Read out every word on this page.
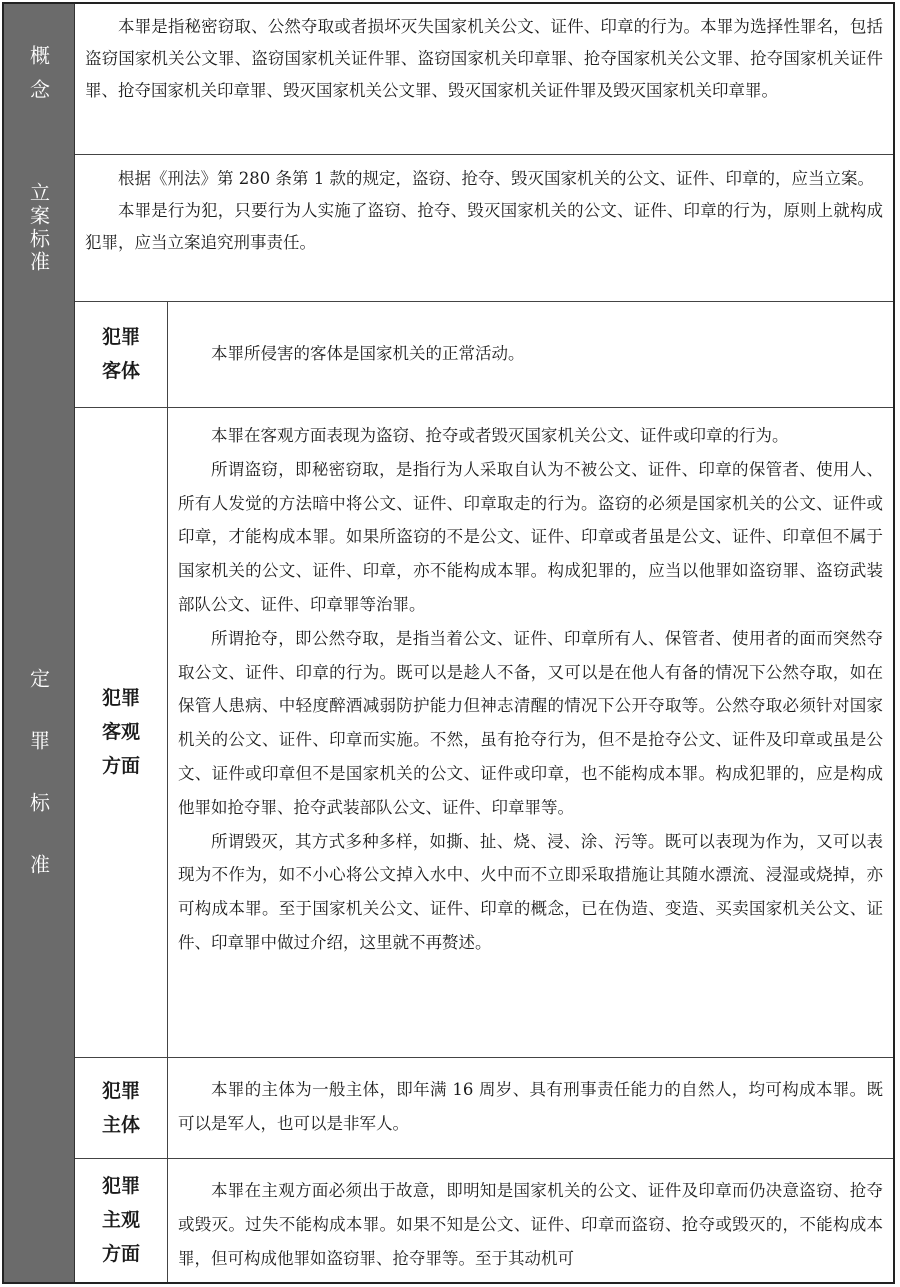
概念

本罪是指秘密窃取、公然夺取或者损坏灭失国家机关公文、证件、印章的行为。本罪为选择性罪名，包括盗窃国家机关公文罪、盗窃国家机关证件罪、盗窃国家机关印章罪、抢夺国家机关公文罪、抢夺国家机关证件罪、抢夺国家机关印章罪、毁灭国家机关公文罪、毁灭国家机关证件罪及毁灭国家机关印章罪。

立案标准

根据《刑法》第 280 条第 1 款的规定，盗窃、抢夺、毁灭国家机关的公文、证件、印章的，应当立案。

本罪是行为犯，只要行为人实施了盗窃、抢夺、毁灭国家机关的公文、证件、印章的行为，原则上就构成犯罪，应当立案追究刑事责任。

定罪标准
犯罪客体

本罪所侵害的客体是国家机关的正常活动。

犯罪客观方面

本罪在客观方面表现为盗窃、抢夺或者毁灭国家机关公文、证件或印章的行为。

所谓盗窃，即秘密窃取，是指行为人采取自认为不被公文、证件、印章的保管者、使用人、所有人发觉的方法暗中将公文、证件、印章取走的行为。盗窃的必须是国家机关的公文、证件或印章，才能构成本罪。如果所盗窃的不是公文、证件、印章或者虽是公文、证件、印章但不属于国家机关的公文、证件、印章，亦不能构成本罪。构成犯罪的，应当以他罪如盗窃罪、盗窃武装部队公文、证件、印章罪等治罪。

所谓抢夺，即公然夺取，是指当着公文、证件、印章所有人、保管者、使用者的面而突然夺取公文、证件、印章的行为。既可以是趁人不备，又可以是在他人有备的情况下公然夺取，如在保管人患病、中轻度醉酒减弱防护能力但神志清醒的情况下公开夺取等。公然夺取必须针对国家机关的公文、证件、印章而实施。不然，虽有抢夺行为，但不是抢夺公文、证件及印章或虽是公文、证件或印章但不是国家机关的公文、证件或印章，也不能构成本罪。构成犯罪的，应是构成他罪如抢夺罪、抢夺武装部队公文、证件、印章罪等。

所谓毁灭，其方式多种多样，如撕、扯、烧、浸、涂、污等。既可以表现为作为，又可以表现为不作为，如不小心将公文掉入水中、火中而不立即采取措施让其随水漂流、浸湿或烧掉，亦可构成本罪。至于国家机关公文、证件、印章的概念，已在伪造、变造、买卖国家机关公文、证件、印章罪中做过介绍，这里就不再赘述。

犯罪主体

本罪的主体为一般主体，即年满 16 周岁、具有刑事责任能力的自然人，均可构成本罪。既可以是军人，也可以是非军人。

犯罪主观方面

本罪在主观方面必须出于故意，即明知是国家机关的公文、证件及印章而仍决意盗窃、抢夺或毁灭。过失不能构成本罪。如果不知是公文、证件、印章而盗窃、抢夺或毁灭的，不能构成本罪，但可构成他罪如盗窃罪、抢夺罪等。至于其动机可
